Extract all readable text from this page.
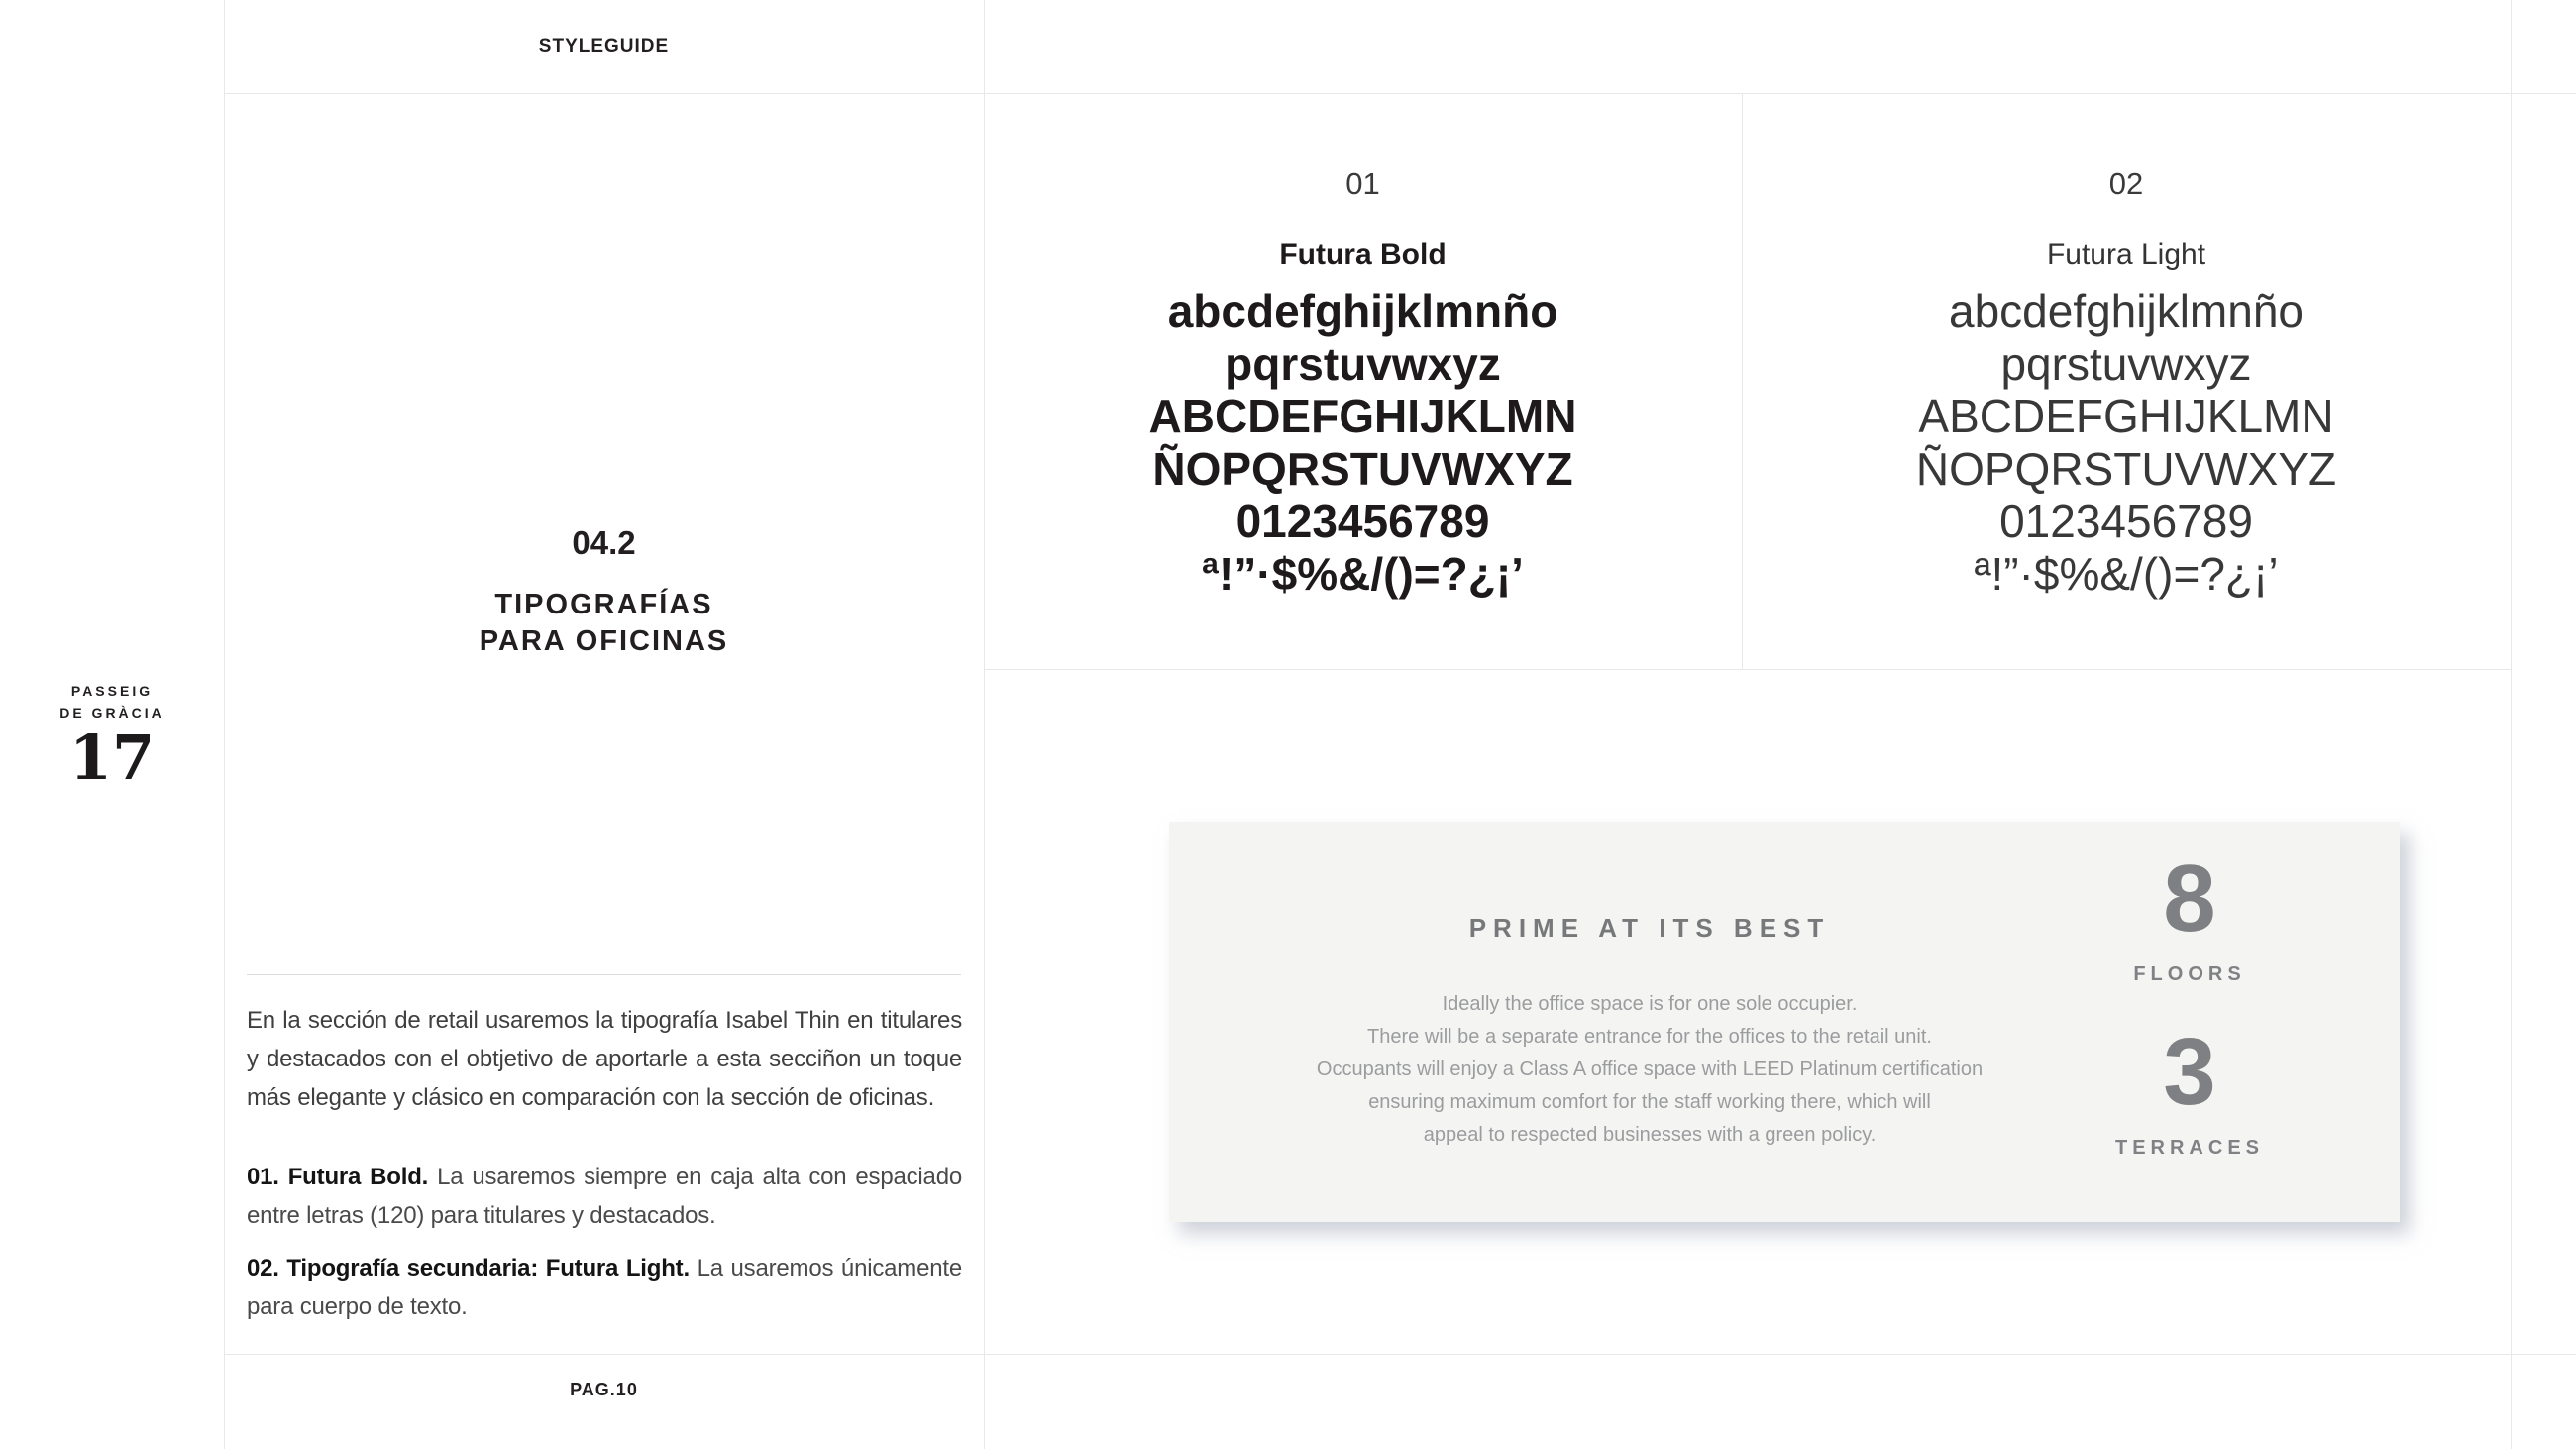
STYLEGUIDE
PASSEIG
DE GRÀCIA
17
04.2
TIPOGRAFÍAS
PARA OFICINAS

En la sección de retail usaremos la tipografía Isabel Thin en titulares y destacados con el obtjetivo de aportarle a esta secciñon un toque más elegante y clásico en comparación con la sección de oficinas.

01. Futura Bold. La usaremos siempre en caja alta con espaciado entre letras (120) para titulares y destacados.

02. Tipografía secundaria: Futura Light. La usaremos únicamente para cuerpo de texto.

PAG.10
01
Futura Bold
abcdefghijklmnño
pqrstuvwxyz
ABCDEFGHIJKLMN
ÑOPQRSTUVWXYZ
0123456789
ª!”·$%&/()=?¿¡’
02
Futura Light
abcdefghijklmnño
pqrstuvwxyz
ABCDEFGHIJKLMN
ÑOPQRSTUVWXYZ
0123456789
ª!”·$%&/()=?¿¡’
PRIME AT ITS BEST
Ideally the office space is for one sole occupier.
There will be a separate entrance for the offices to the retail unit.
Occupants will enjoy a Class A office space with LEED Platinum certification
ensuring maximum comfort for the staff working there, which will
appeal to respected businesses with a green policy.
8
FLOORS
3
TERRACES
